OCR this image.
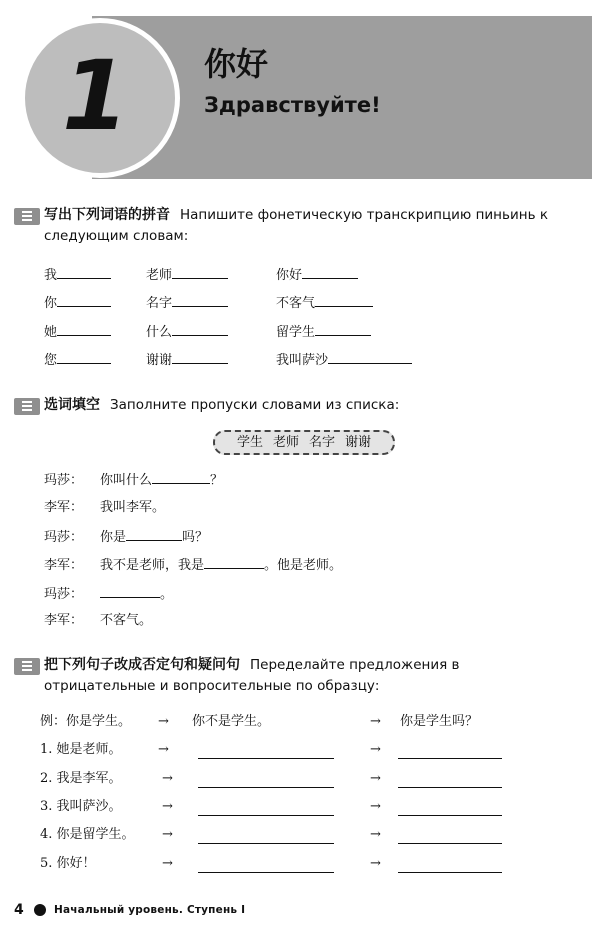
1 你好
Здравствуйте!
写出下列词语的拼音 Напишите фонетическую транскрипцию пиньинь к следующим словам:
我	老师	你好
你	名字	不客气
她	什么	留学生
您	谢谢	我叫萨沙
选词填空 Заполните пропуски словами из списка:
学生 老师 名字 谢谢
玛莎： 你叫什么	？
李军： 我叫李军。
玛莎： 你是	吗？
李军： 我不是老师，我是	。他是老师。
玛莎：	。
李军： 不客气。
把下列句子改成否定句和疑问句 Переделайте предложения в отрицательные и вопросительные по образцу:
例：你是学生。 → 你不是学生。	→ 你是学生吗？
1. 她是老师。	→	→
2. 我是李军。	→	→
3. 我叫萨沙。	→	→
4. 你是留学生。 →	→
5. 你好！	→	→
4	Начальный уровень. Ступень I
